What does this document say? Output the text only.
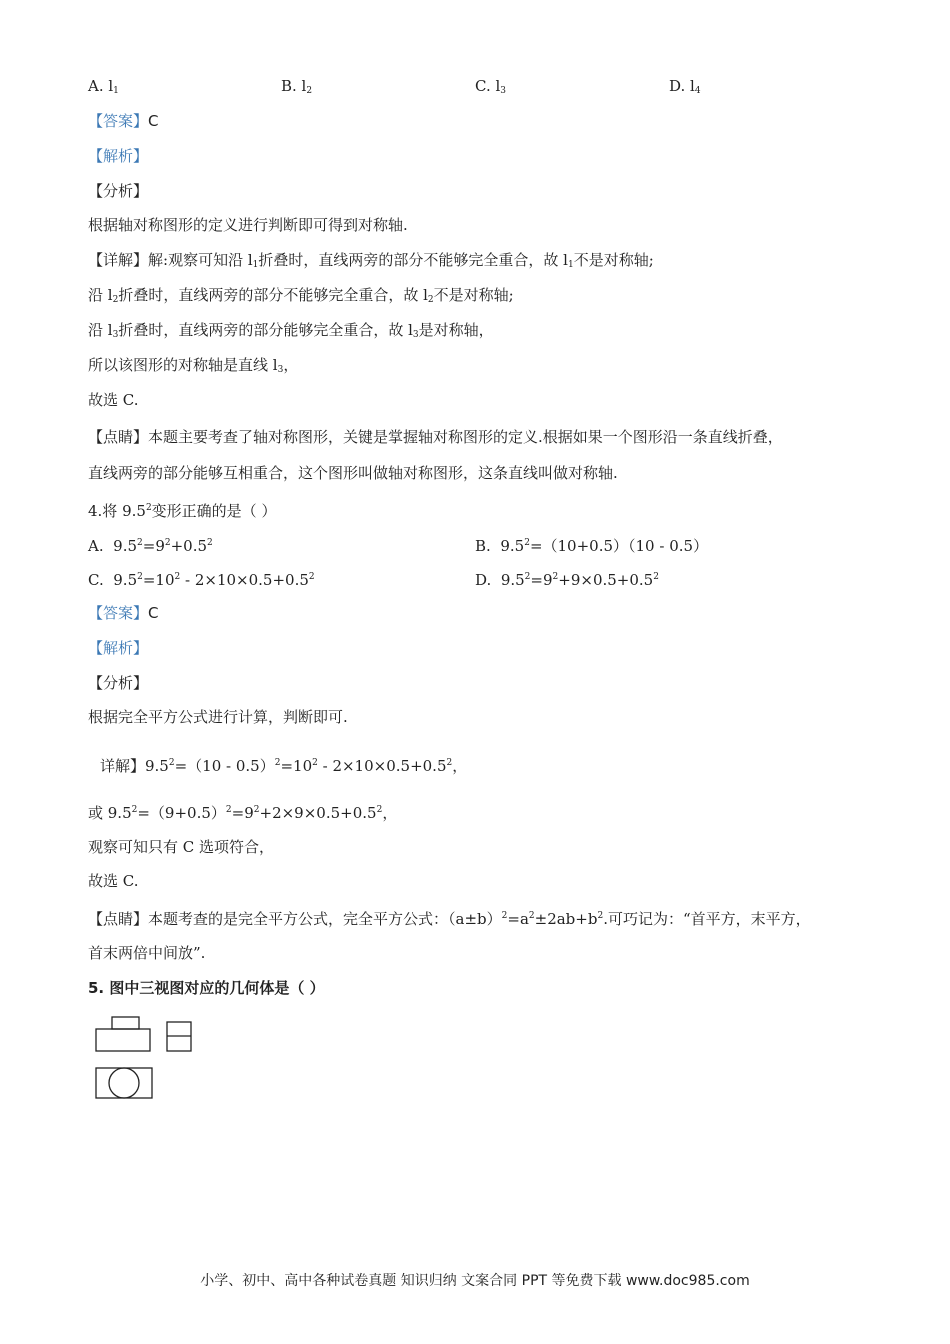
A. $l_1$	B. $l_2$	C. $l_3$	D. $l_4$
【答案】C
【解析】
【分析】
根据轴对称图形的定义进行判断即可得到对称轴.
【详解】解:观察可知沿 $l_1$折叠时，直线两旁的部分不能够完全重合，故 $l_1$不是对称轴;
沿 $l_2$折叠时，直线两旁的部分不能够完全重合，故 $l_2$不是对称轴;
沿 $l_3$折叠时，直线两旁的部分能够完全重合，故 $l_3$是对称轴，
所以该图形的对称轴是直线 $l_3$，
故选 C.
【点睛】本题主要考查了轴对称图形，关键是掌握轴对称图形的定义.根据如果一个图形沿一条直线折叠，
直线两旁的部分能够互相重合，这个图形叫做轴对称图形，这条直线叫做对称轴.
4.将 $9.5^2$变形正确的是（ ）
A. $9.5^2=9^2+0.5^2$	B. $9.5^2=(10+0.5)(10 - 0.5)$
C. $9.5^2=10^2 - 2\times 10\times 0.5+0.5^2$	D. $9.5^2=9^2+9\times 0.5+0.5^2$
【答案】C
【解析】
【分析】
根据完全平方公式进行计算，判断即可.
详解】$9.5^2=(10 - 0.5)^2=10^2 - 2\times 10\times 0.5+0.5^2$，
或 $9.5^2=(9+0.5)^2=9^2+2\times 9\times 0.5+0.5^2$，
观察可知只有 C 选项符合，
故选 C.
【点睛】本题考查的是完全平方公式，完全平方公式：$(a\pm b)^2=a^2\pm 2ab+b^2$.可巧记为：“首平方，末平方，
首末两倍中间放”.
5. 图中三视图对应的几何体是（ ）
小学、初中、高中各种试卷真题 知识归纳 文案合同 PPT 等免费下载 www.doc985.com
